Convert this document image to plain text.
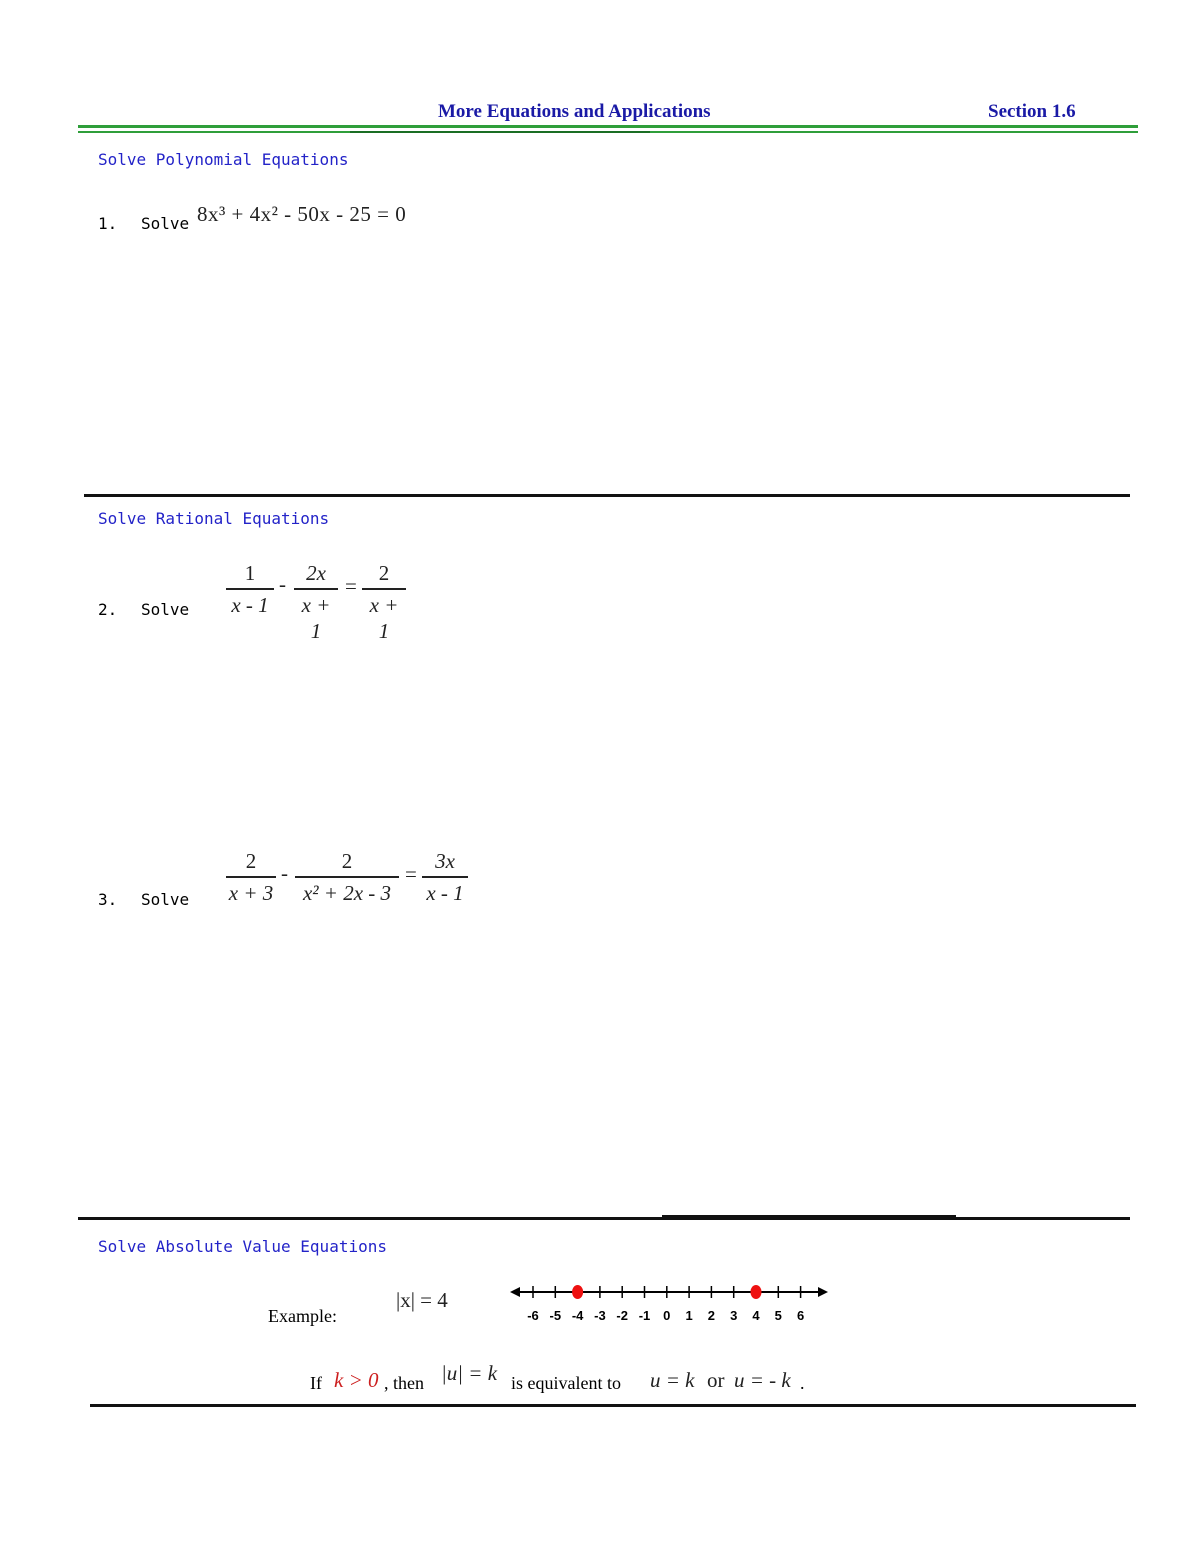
More Equations and Applications	Section 1.6
Solve Polynomial Equations
1. Solve 8x³ + 4x² - 50x - 25 = 0
Solve Rational Equations
2. Solve
1
x - 1
- 2x
x + 1
=
2
x + 1
3. Solve
2
x + 3
-	2
x² + 2x - 3
=
3x
x - 1
Solve Absolute Value Equations
Example:
|x| = 4
-6 -5 -4 -3 -2 -1 0 1 2 3 4 5 6
If k > 0 , then |u| = k is equivalent to u = k or u = - k .
